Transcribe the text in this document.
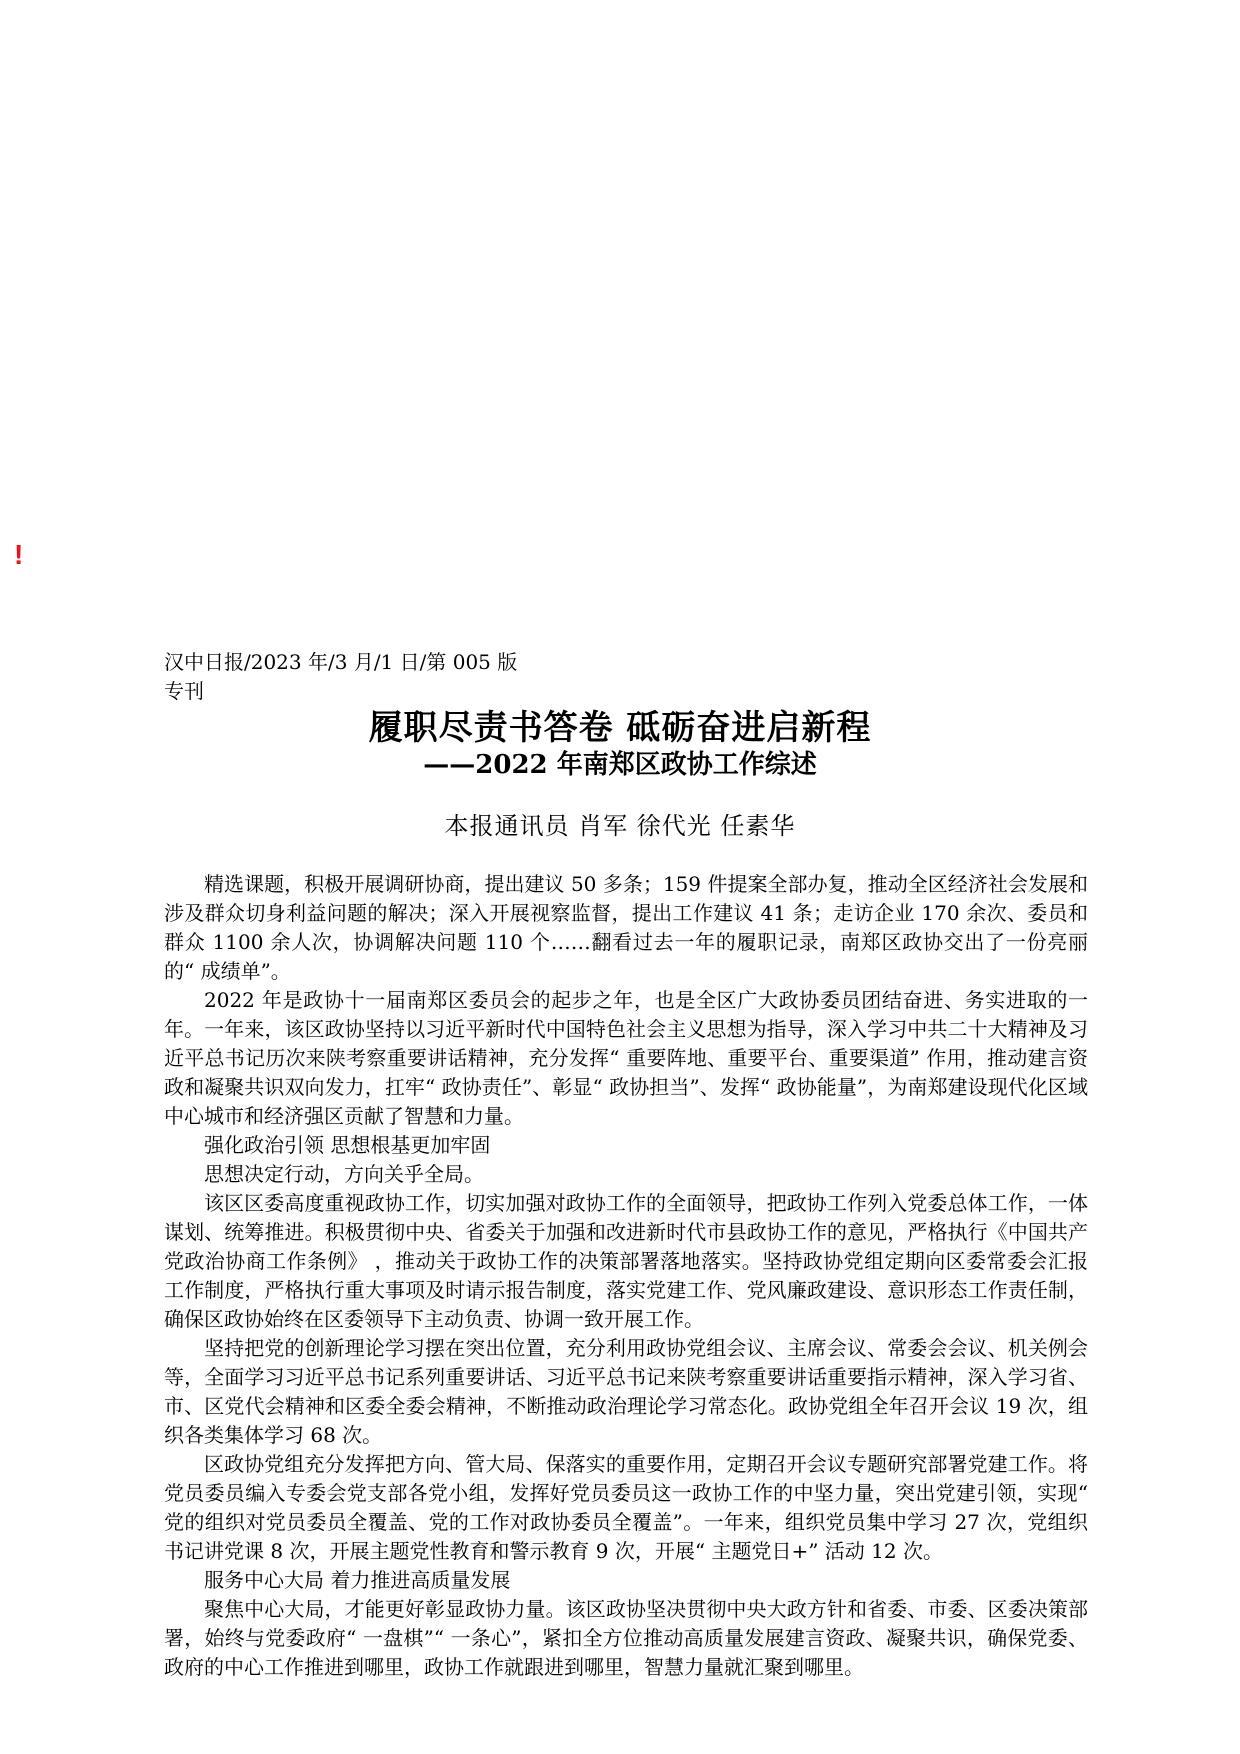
!
汉中日报/2023 年/3 月/1 日/第 005 版专刊
履职尽责书答卷 砥砺奋进启新程
——2022 年南郑区政协工作综述
本报通讯员 肖军 徐代光 任素华

精选课题，积极开展调研协商，提出建议 50 多条；159 件提案全部办复，推动全区经济社会发展和涉及群众切身利益问题的解决；深入开展视察监督，提出工作建议 41 条；走访企业 170 余次、委员和群众 1100 余人次，协调解决问题 110 个……翻看过去一年的履职记录，南郑区政协交出了一份亮丽的“ 成绩单”。

2022 年是政协十一届南郑区委员会的起步之年，也是全区广大政协委员团结奋进、务实进取的一年。一年来，该区政协坚持以习近平新时代中国特色社会主义思想为指导，深入学习中共二十大精神及习近平总书记历次来陕考察重要讲话精神，充分发挥“ 重要阵地、重要平台、重要渠道” 作用，推动建言资政和凝聚共识双向发力，扛牢“ 政协责任”、彰显“ 政协担当”、发挥“ 政协能量”，为南郑建设现代化区域中心城市和经济强区贡献了智慧和力量。

强化政治引领 思想根基更加牢固

思想决定行动，方向关乎全局。

该区区委高度重视政协工作，切实加强对政协工作的全面领导，把政协工作列入党委总体工作，一体谋划、统筹推进。积极贯彻中央、省委关于加强和改进新时代市县政协工作的意见，严格执行《中国共产党政治协商工作条例》 ，推动关于政协工作的决策部署落地落实。坚持政协党组定期向区委常委会汇报工作制度，严格执行重大事项及时请示报告制度，落实党建工作、党风廉政建设、意识形态工作责任制，确保区政协始终在区委领导下主动负责、协调一致开展工作。

坚持把党的创新理论学习摆在突出位置，充分利用政协党组会议、主席会议、常委会会议、机关例会等，全面学习习近平总书记系列重要讲话、习近平总书记来陕考察重要讲话重要指示精神，深入学习省、市、区党代会精神和区委全委会精神，不断推动政治理论学习常态化。政协党组全年召开会议 19 次，组织各类集体学习 68 次。

区政协党组充分发挥把方向、管大局、保落实的重要作用，定期召开会议专题研究部署党建工作。将党员委员编入专委会党支部各党小组，发挥好党员委员这一政协工作的中坚力量，突出党建引领，实现“ 党的组织对党员委员全覆盖、党的工作对政协委员全覆盖”。一年来，组织党员集中学习 27 次，党组织书记讲党课 8 次，开展主题党性教育和警示教育 9 次，开展“ 主题党日+” 活动 12 次。

服务中心大局 着力推进高质量发展

聚焦中心大局，才能更好彰显政协力量。该区政协坚决贯彻中央大政方针和省委、市委、区委决策部署，始终与党委政府“ 一盘棋”“ 一条心”，紧扣全方位推动高质量发展建言资政、凝聚共识，确保党委、政府的中心工作推进到哪里，政协工作就跟进到哪里，智慧力量就汇聚到哪里。
